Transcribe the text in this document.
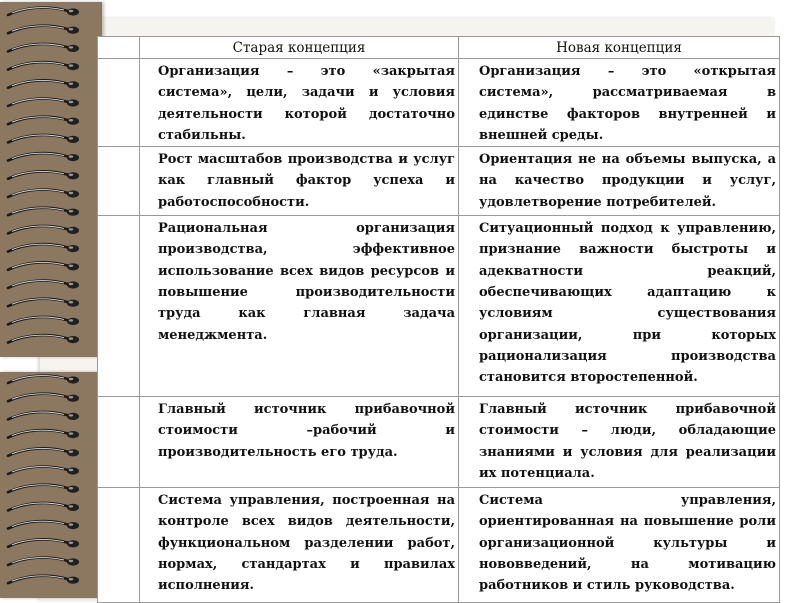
	Старая концепция	Новая концепция
	Организация – это «закрытая система», цели, задачи и условия деятельности которой достаточно стабильны.	Организация – это «открытая система», рассматриваемая в единстве факторов внутренней и внешней среды.
	Рост масштабов производства и услуг как главный фактор успеха и работоспособности.	Ориентация не на объемы выпуска, а на качество продукции и услуг, удовлетворение потребителей.
	Рациональная организация производства, эффективное использование всех видов ресурсов и повышение производительности труда как главная задача менеджмента.	Ситуационный подход к управлению, признание важности быстроты и адекватности реакций, обеспечивающих адаптацию к условиям существования организации, при которых рационализация производства становится второстепенной.
	Главный источник прибавочной стоимости –рабочий и производительность его труда.	Главный источник прибавочной стоимости – люди, обладающие знаниями и условия для реализации их потенциала.
	Система управления, построенная на контроле всех видов деятельности, функциональном разделении работ, нормах, стандартах и правилах исполнения.	Система управления, ориентированная на повышение роли организационной культуры и нововведений, на мотивацию работников и стиль руководства.
